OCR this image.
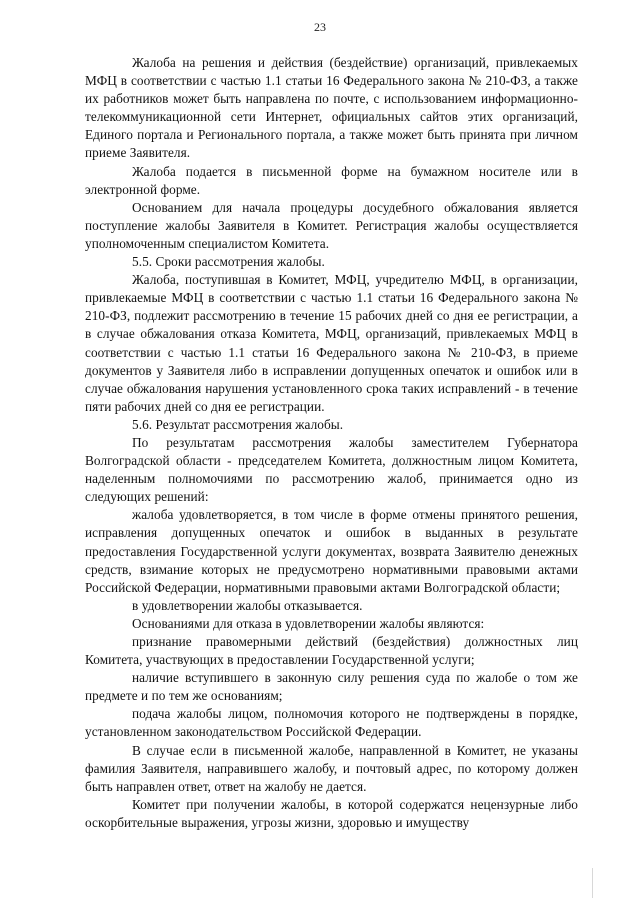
23

Жалоба на решения и действия (бездействие) организаций, привлекаемых МФЦ в соответствии с частью 1.1 статьи 16 Федерального закона № 210-ФЗ, а также их работников может быть направлена по почте, с использованием информационно-телекоммуникационной сети Интернет, официальных сайтов этих организаций, Единого портала и Регионального портала, а также может быть принята при личном приеме Заявителя.

Жалоба подается в письменной форме на бумажном носителе или в электронной форме.

Основанием для начала процедуры досудебного обжалования является поступление жалобы Заявителя в Комитет. Регистрация жалобы осуществляется уполномоченным специалистом Комитета.

5.5. Сроки рассмотрения жалобы.

Жалоба, поступившая в Комитет, МФЦ, учредителю МФЦ, в организации, привлекаемые МФЦ в соответствии с частью 1.1 статьи 16 Федерального закона № 210-ФЗ, подлежит рассмотрению в течение 15 рабочих дней со дня ее регистрации, а в случае обжалования отказа Комитета, МФЦ, организаций, привлекаемых МФЦ в соответствии с частью 1.1 статьи 16 Федерального закона № 210-ФЗ, в приеме документов у Заявителя либо в исправлении допущенных опечаток и ошибок или в случае обжалования нарушения установленного срока таких исправлений - в течение пяти рабочих дней со дня ее регистрации.

5.6. Результат рассмотрения жалобы.

По результатам рассмотрения жалобы заместителем Губернатора Волгоградской области - председателем Комитета, должностным лицом Комитета, наделенным полномочиями по рассмотрению жалоб, принимается одно из следующих решений:

жалоба удовлетворяется, в том числе в форме отмены принятого решения, исправления допущенных опечаток и ошибок в выданных в результате предоставления Государственной услуги документах, возврата Заявителю денежных средств, взимание которых не предусмотрено нормативными правовыми актами Российской Федерации, нормативными правовыми актами Волгоградской области;

в удовлетворении жалобы отказывается.

Основаниями для отказа в удовлетворении жалобы являются:

признание правомерными действий (бездействия) должностных лиц Комитета, участвующих в предоставлении Государственной услуги;

наличие вступившего в законную силу решения суда по жалобе о том же предмете и по тем же основаниям;

подача жалобы лицом, полномочия которого не подтверждены в порядке, установленном законодательством Российской Федерации.

В случае если в письменной жалобе, направленной в Комитет, не указаны фамилия Заявителя, направившего жалобу, и почтовый адрес, по которому должен быть направлен ответ, ответ на жалобу не дается.

Комитет при получении жалобы, в которой содержатся нецензурные либо оскорбительные выражения, угрозы жизни, здоровью и имуществу
